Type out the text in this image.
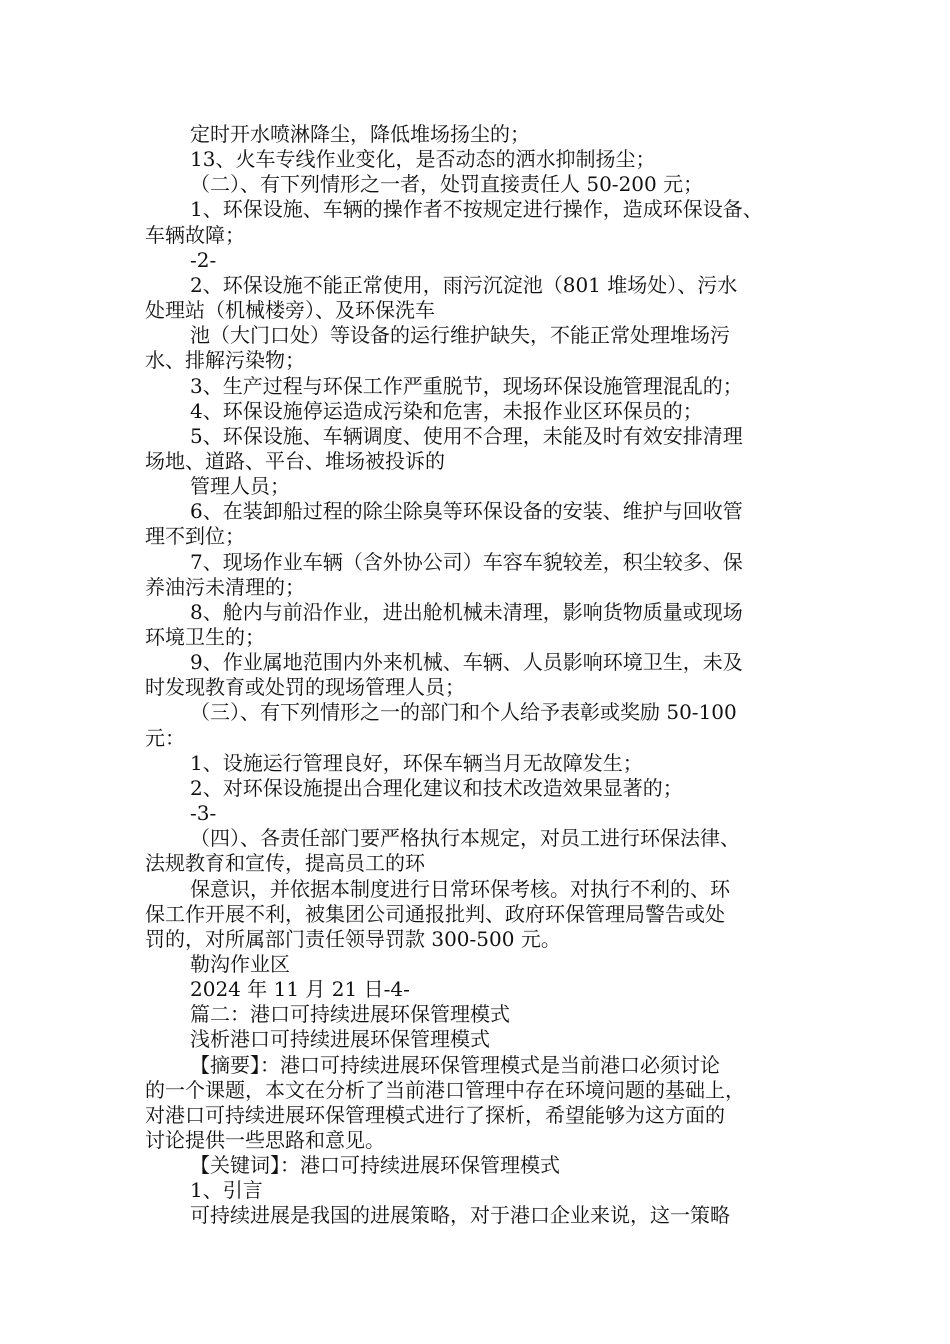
定时开水喷淋降尘，降低堆场扬尘的；

13、火车专线作业变化，是否动态的洒水抑制扬尘；

（二）、有下列情形之一者，处罚直接责任人 50-200 元；

1、环保设施、车辆的操作者不按规定进行操作，造成环保设备、

车辆故障；

-2-

2、环保设施不能正常使用，雨污沉淀池（801 堆场处）、污水

处理站（机械楼旁）、及环保洗车

池（大门口处）等设备的运行维护缺失，不能正常处理堆场污

水、排解污染物；

3、生产过程与环保工作严重脱节，现场环保设施管理混乱的；

4、环保设施停运造成污染和危害，未报作业区环保员的；

5、环保设施、车辆调度、使用不合理，未能及时有效安排清理

场地、道路、平台、堆场被投诉的

管理人员；

6、在装卸船过程的除尘除臭等环保设备的安装、维护与回收管

理不到位；

7、现场作业车辆（含外协公司）车容车貌较差，积尘较多、保

养油污未清理的；

8、舱内与前沿作业，进出舱机械未清理，影响货物质量或现场

环境卫生的；

9、作业属地范围内外来机械、车辆、人员影响环境卫生，未及

时发现教育或处罚的现场管理人员；

（三）、有下列情形之一的部门和个人给予表彰或奖励 50-100

元：

1、设施运行管理良好，环保车辆当月无故障发生；

2、对环保设施提出合理化建议和技术改造效果显著的；

-3-

（四）、各责任部门要严格执行本规定，对员工进行环保法律、

法规教育和宣传，提高员工的环

保意识，并依据本制度进行日常环保考核。对执行不利的、环

保工作开展不利，被集团公司通报批判、政府环保管理局警告或处

罚的，对所属部门责任领导罚款 300-500 元。

勒沟作业区

2024 年 11 月 21 日-4-

篇二：港口可持续进展环保管理模式

浅析港口可持续进展环保管理模式

【摘要】：港口可持续进展环保管理模式是当前港口必须讨论

的一个课题，本文在分析了当前港口管理中存在环境问题的基础上，

对港口可持续进展环保管理模式进行了探析，希望能够为这方面的

讨论提供一些思路和意见。

【关键词】：港口可持续进展环保管理模式

1、引言

可持续进展是我国的进展策略，对于港口企业来说，这一策略
